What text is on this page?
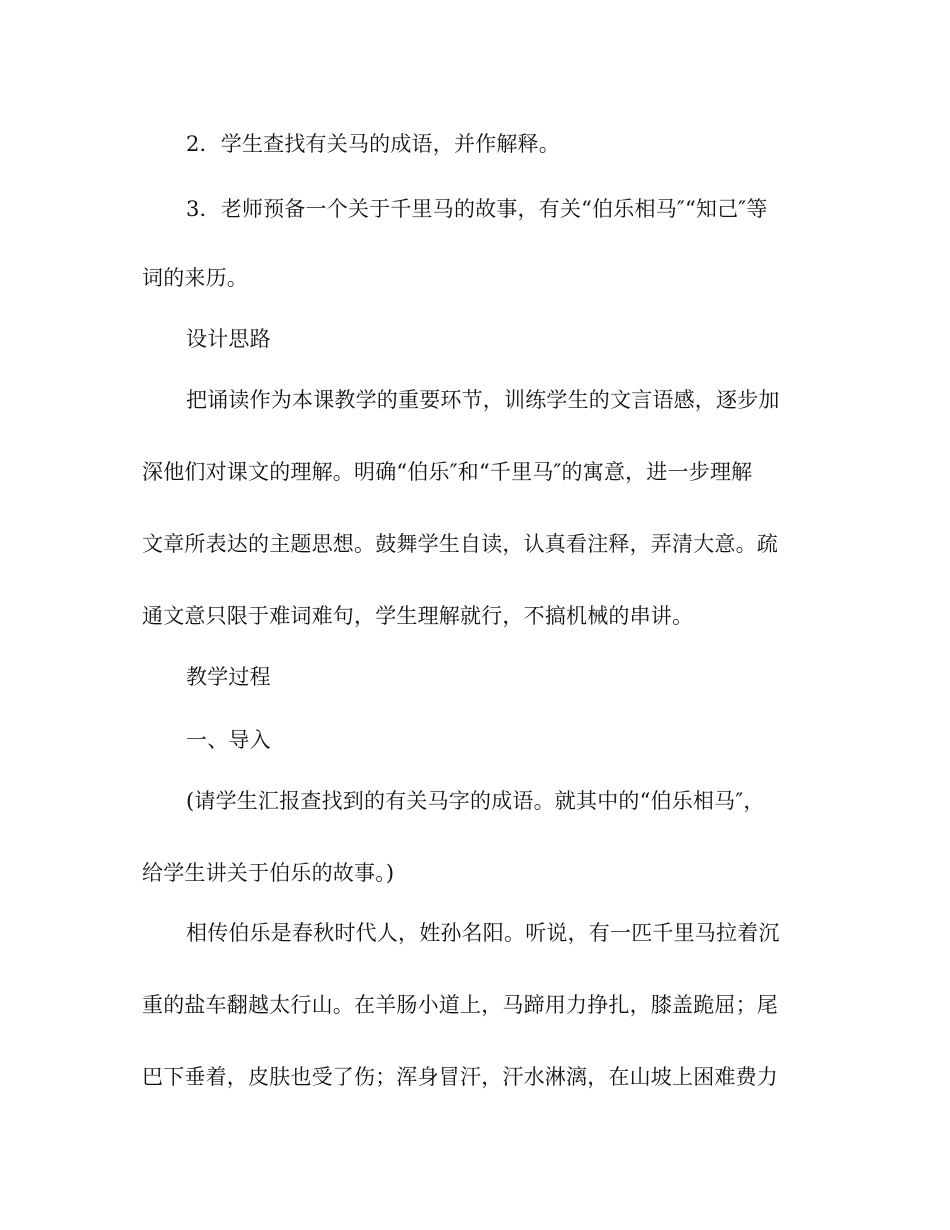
2．学生查找有关马的成语，并作解释。
3．老师预备一个关于千里马的故事，有关“伯乐相马″“知己″等
词的来历。
设计思路
把诵读作为本课教学的重要环节，训练学生的文言语感，逐步加
深他们对课文的理解。明确“伯乐″和“千里马″的寓意，进一步理解
文章所表达的主题思想。鼓舞学生自读，认真看注释，弄清大意。疏
通文意只限于难词难句，学生理解就行，不搞机械的串讲。
教学过程
一、导入
(请学生汇报查找到的有关马字的成语。就其中的“伯乐相马″，
给学生讲关于伯乐的故事。)
相传伯乐是春秋时代人，姓孙名阳。听说，有一匹千里马拉着沉
重的盐车翻越太行山。在羊肠小道上，马蹄用力挣扎，膝盖跪屈；尾
巴下垂着，皮肤也受了伤；浑身冒汗，汗水淋漓，在山坡上困难费力
